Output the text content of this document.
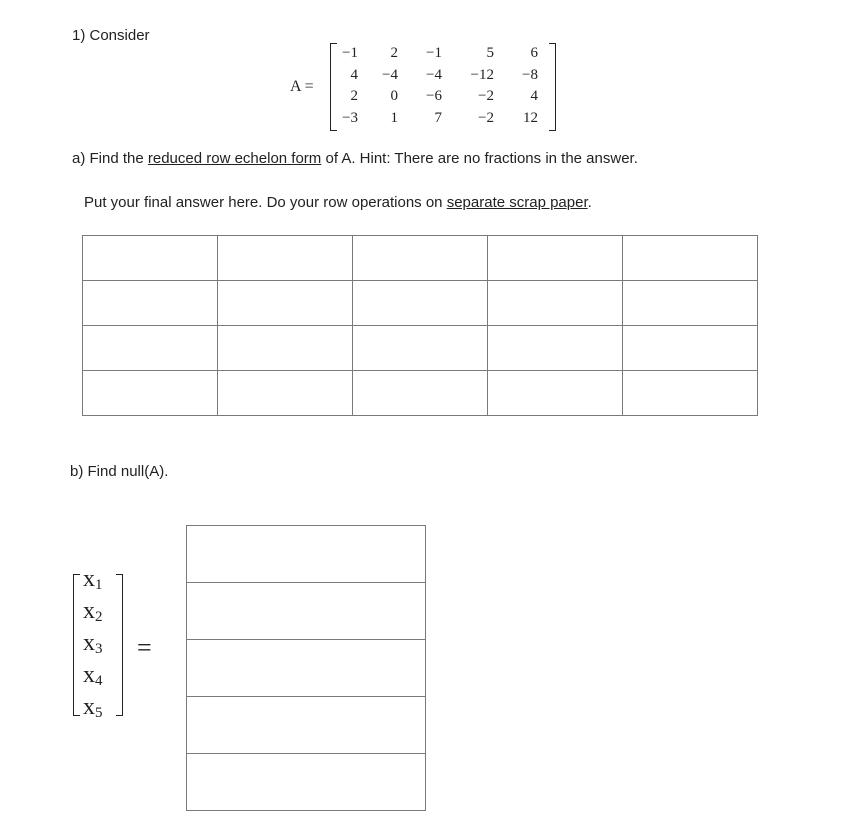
1) Consider
A =
−1	2	−1	5	6
4	−4	−4	−12	−8
2	0	−6	−2	4
−3	1	7	−2	12
a) Find the reduced row echelon form of A. Hint: There are no fractions in the answer.
Put your final answer here. Do your row operations on separate scrap paper.

b) Find null(A).
$x_1$
$x_2$
$x_3$
$x_4$
$x_5$
=
